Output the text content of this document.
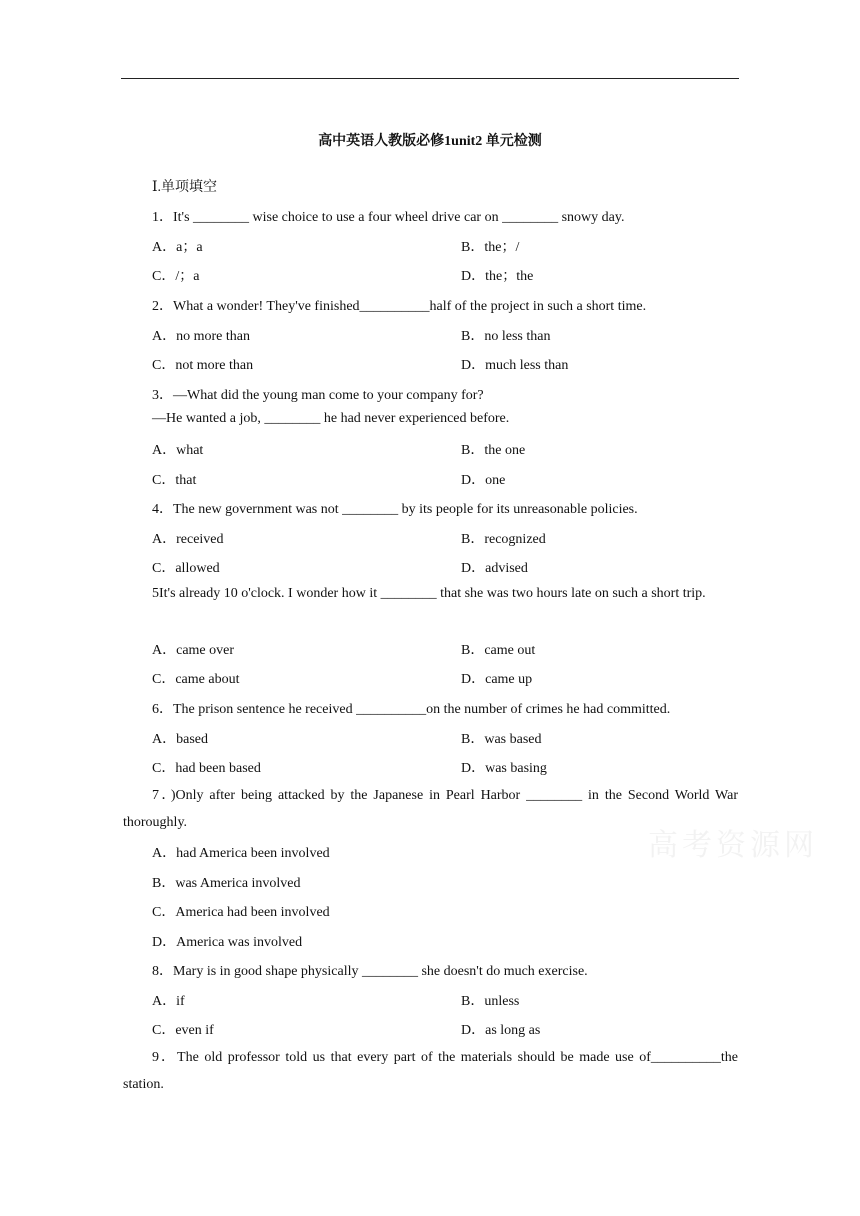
高中英语人教版必修1unit2 单元检测
Ⅰ.单项填空
1．It's ________ wise choice to use a four wheel drive car on ________ snowy day.
A．a；a	B．the；/
C．/；a	D．the；the
2．What a wonder! They've finished__________half of the project in such a short time.
A．no more than	B．no less than
C．not more than	D．much less than
3．—What did the young man come to your company for?
—He wanted a job, ________ he had never experienced before.
A．what	B．the one
C．that	D．one
4．The new government was not ________ by its people for its unreasonable policies.
A．received	B．recognized
C．allowed	D．advised
5It's already 10 o'clock. I wonder how it ________ that she was two hours late on such a short trip.
A．came over	B．came out
C．came about	D．came up
6．The prison sentence he received __________on the number of crimes he had committed.
A．based	B．was based
C．had been based	D．was basing
7．)Only after being attacked by the Japanese in Pearl Harbor ________ in the Second World War thoroughly.
A．had America been involved
B．was America involved
C．America had been involved
D．America was involved
8．Mary is in good shape physically ________ she doesn't do much exercise.
A．if	B．unless
C．even if	D．as long as
9．The old professor told us that every part of the materials should be made use of__________the station.
高考资源网
